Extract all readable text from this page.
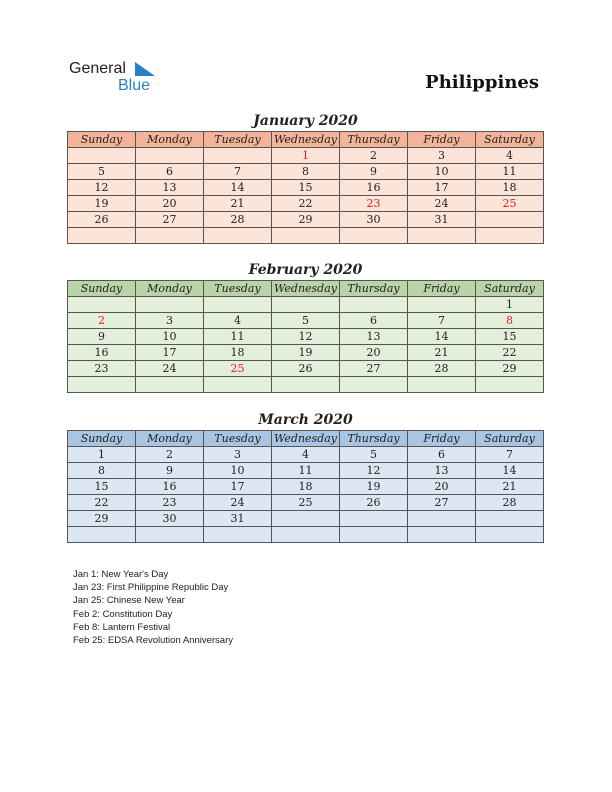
General
Blue	Philippines
January 2020
Sunday	Monday	Tuesday	Wednesday	Thursday	Friday	Saturday
			1	2	3	4
5	6	7	8	9	10	11
12	13	14	15	16	17	18
19	20	21	22	23	24	25
26	27	28	29	30	31	

February 2020
Sunday	Monday	Tuesday	Wednesday	Thursday	Friday	Saturday
						1
2	3	4	5	6	7	8
9	10	11	12	13	14	15
16	17	18	19	20	21	22
23	24	25	26	27	28	29

March 2020
Sunday	Monday	Tuesday	Wednesday	Thursday	Friday	Saturday
1	2	3	4	5	6	7
8	9	10	11	12	13	14
15	16	17	18	19	20	21
22	23	24	25	26	27	28
29	30	31				

Jan 1: New Year's Day
Jan 23: First Philippine Republic Day
Jan 25: Chinese New Year
Feb 2: Constitution Day
Feb 8: Lantern Festival
Feb 25: EDSA Revolution Anniversary
